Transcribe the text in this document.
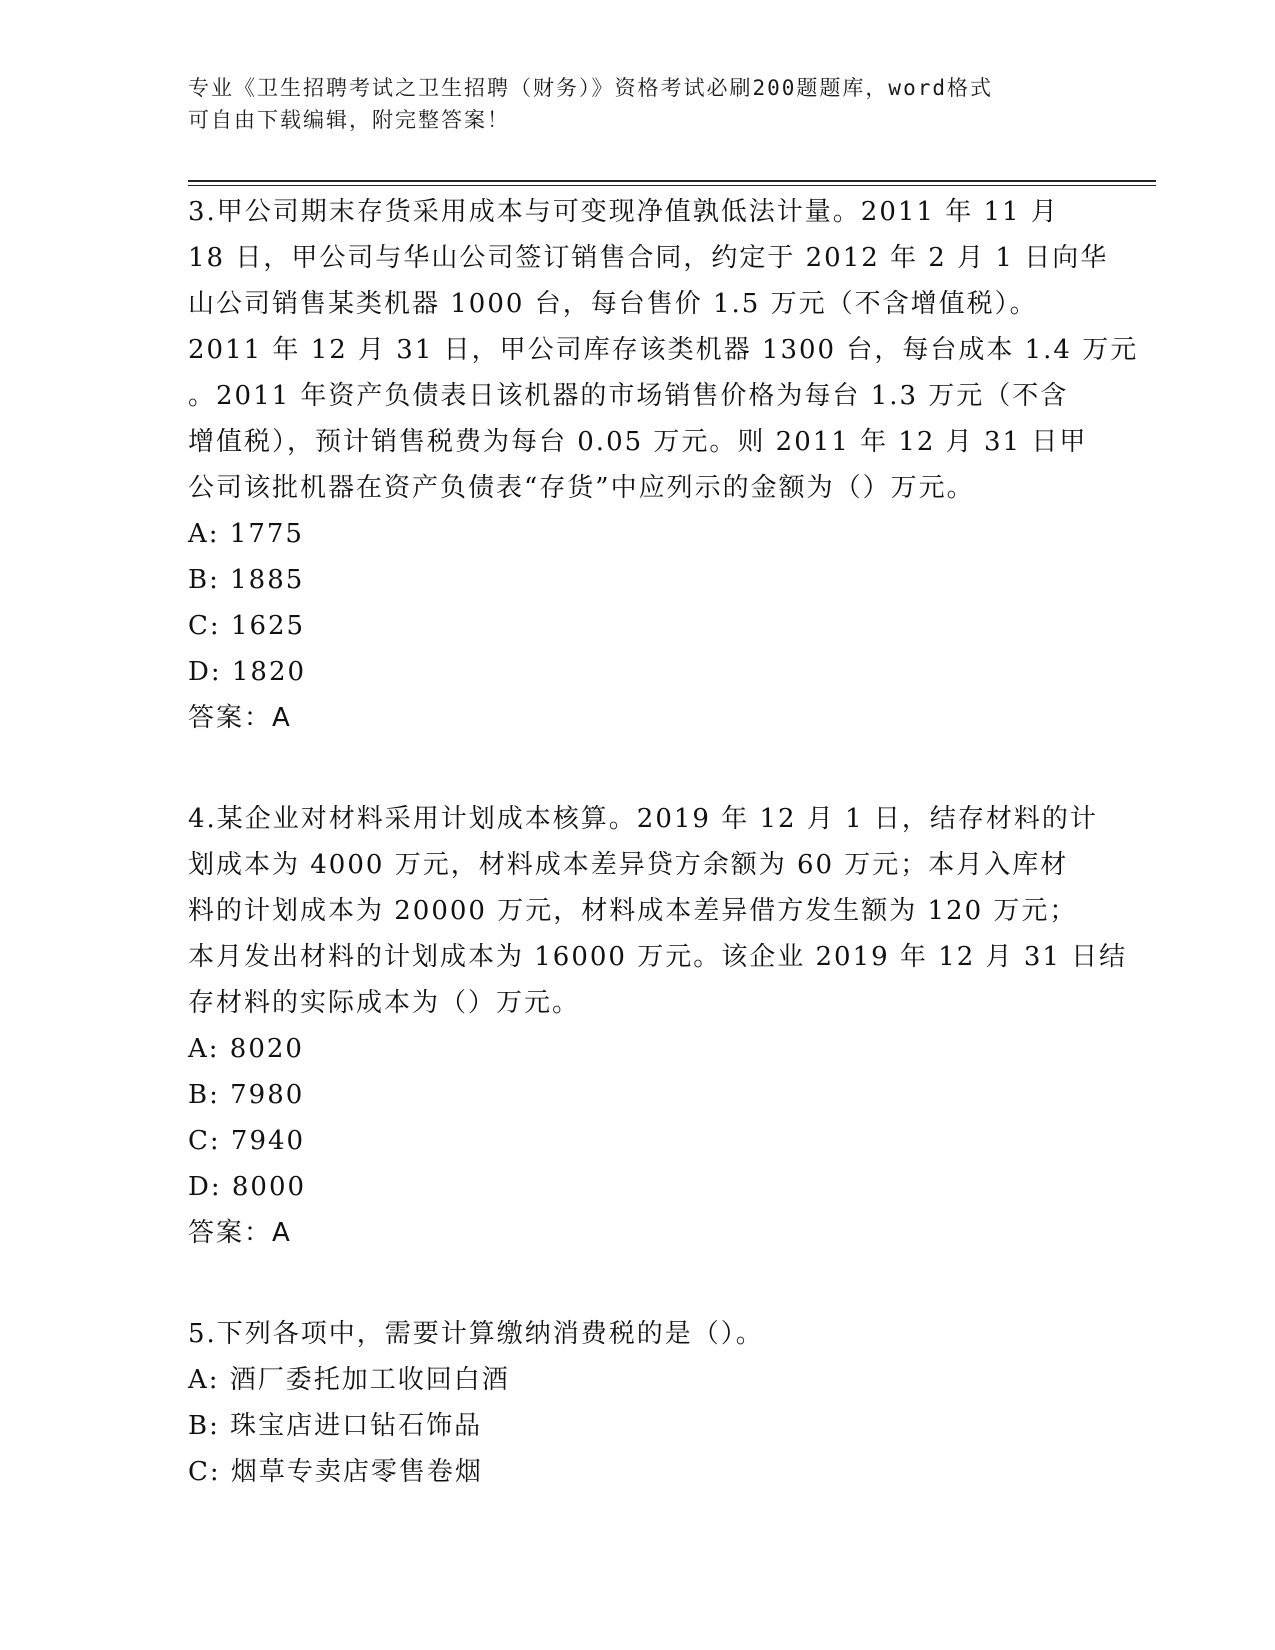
专业《卫生招聘考试之卫生招聘（财务）》资格考试必刷200题题库，word格式
可自由下载编辑，附完整答案！
3.甲公司期末存货采用成本与可变现净值孰低法计量。2011 年 11 月
18 日，甲公司与华山公司签订销售合同，约定于 2012 年 2 月 1 日向华
山公司销售某类机器 1000 台，每台售价 1.5 万元（不含增值税）。
2011 年 12 月 31 日，甲公司库存该类机器 1300 台，每台成本 1.4 万元
。2011 年资产负债表日该机器的市场销售价格为每台 1.3 万元（不含
增值税），预计销售税费为每台 0.05 万元。则 2011 年 12 月 31 日甲
公司该批机器在资产负债表“存货”中应列示的金额为（）万元。
A: 1775
B: 1885
C: 1625
D: 1820
答案：A
4.某企业对材料采用计划成本核算。2019 年 12 月 1 日，结存材料的计
划成本为 4000 万元，材料成本差异贷方余额为 60 万元；本月入库材
料的计划成本为 20000 万元，材料成本差异借方发生额为 120 万元；
本月发出材料的计划成本为 16000 万元。该企业 2019 年 12 月 31 日结
存材料的实际成本为（）万元。
A: 8020
B: 7980
C: 7940
D: 8000
答案：A
5.下列各项中，需要计算缴纳消费税的是（）。
A: 酒厂委托加工收回白酒
B: 珠宝店进口钻石饰品
C: 烟草专卖店零售卷烟
